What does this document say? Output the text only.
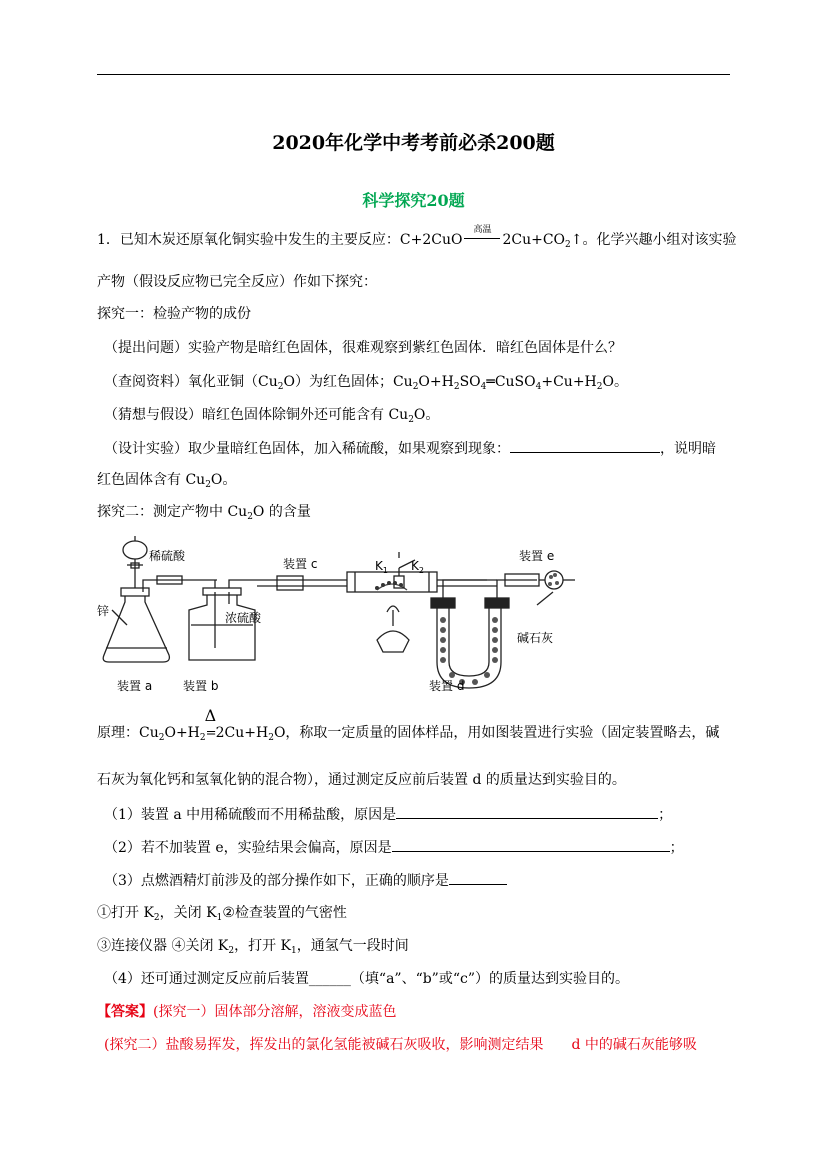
2020年化学中考考前必杀200题
科学探究20题
1．已知木炭还原氧化铜实验中发生的主要反应：C+2CuO
高温
$2Cu+CO_2↑$。化学兴趣小组对该实验
产物（假设反应物已完全反应）作如下探究：
探究一：检验产物的成份
（提出问题）实验产物是暗红色固体，很难观察到紫红色固体．暗红色固体是什么？
（查阅资料）氧化亚铜$(Cu_2O)$为红色固体；$Cu_2O+H_2SO_4═CuSO_4+Cu+H_2O$。
（猜想与假设）暗红色固体除铜外还可能含有 $Cu_2O$。
（设计实验）取少量暗红色固体，加入稀硫酸，如果观察到现象：	，说明暗
红色固体含有 $Cu_2O$。
探究二：测定产物中 $Cu_2O$ 的含量
稀硫酸
锌	浓硫酸
装置 a	装置 b
装置 c
装置 d
装置 e
碱石灰
$K_1$ $K_2$
原理：$Cu_2O+H_2$
Δ
= $2Cu+H_2O$，称取一定质量的固体样品，用如图装置进行实验（固定装置略去，碱
石灰为氧化钙和氢氧化钠的混合物），通过测定反应前后装置 d 的质量达到实验目的。
（1）装置 a 中用稀硫酸而不用稀盐酸，原因是	；
（2）若不加装置 e，实验结果会偏高，原因是	；
（3）点燃酒精灯前涉及的部分操作如下，正确的顺序是
①打开 $K_2$，关闭 $K_1②$检查装置的气密性
③连接仪器 ④关闭 $K_2$，打开 $K_1$，通氢气一段时间
（4）还可通过测定反应前后装置______（填“a”、“b”或“c”）的质量达到实验目的。
【答案】(探究一）固体部分溶解，溶液变成蓝色
(探究二）盐酸易挥发，挥发出的氯化氢能被碱石灰吸收，影响测定结果　　d 中的碱石灰能够吸
